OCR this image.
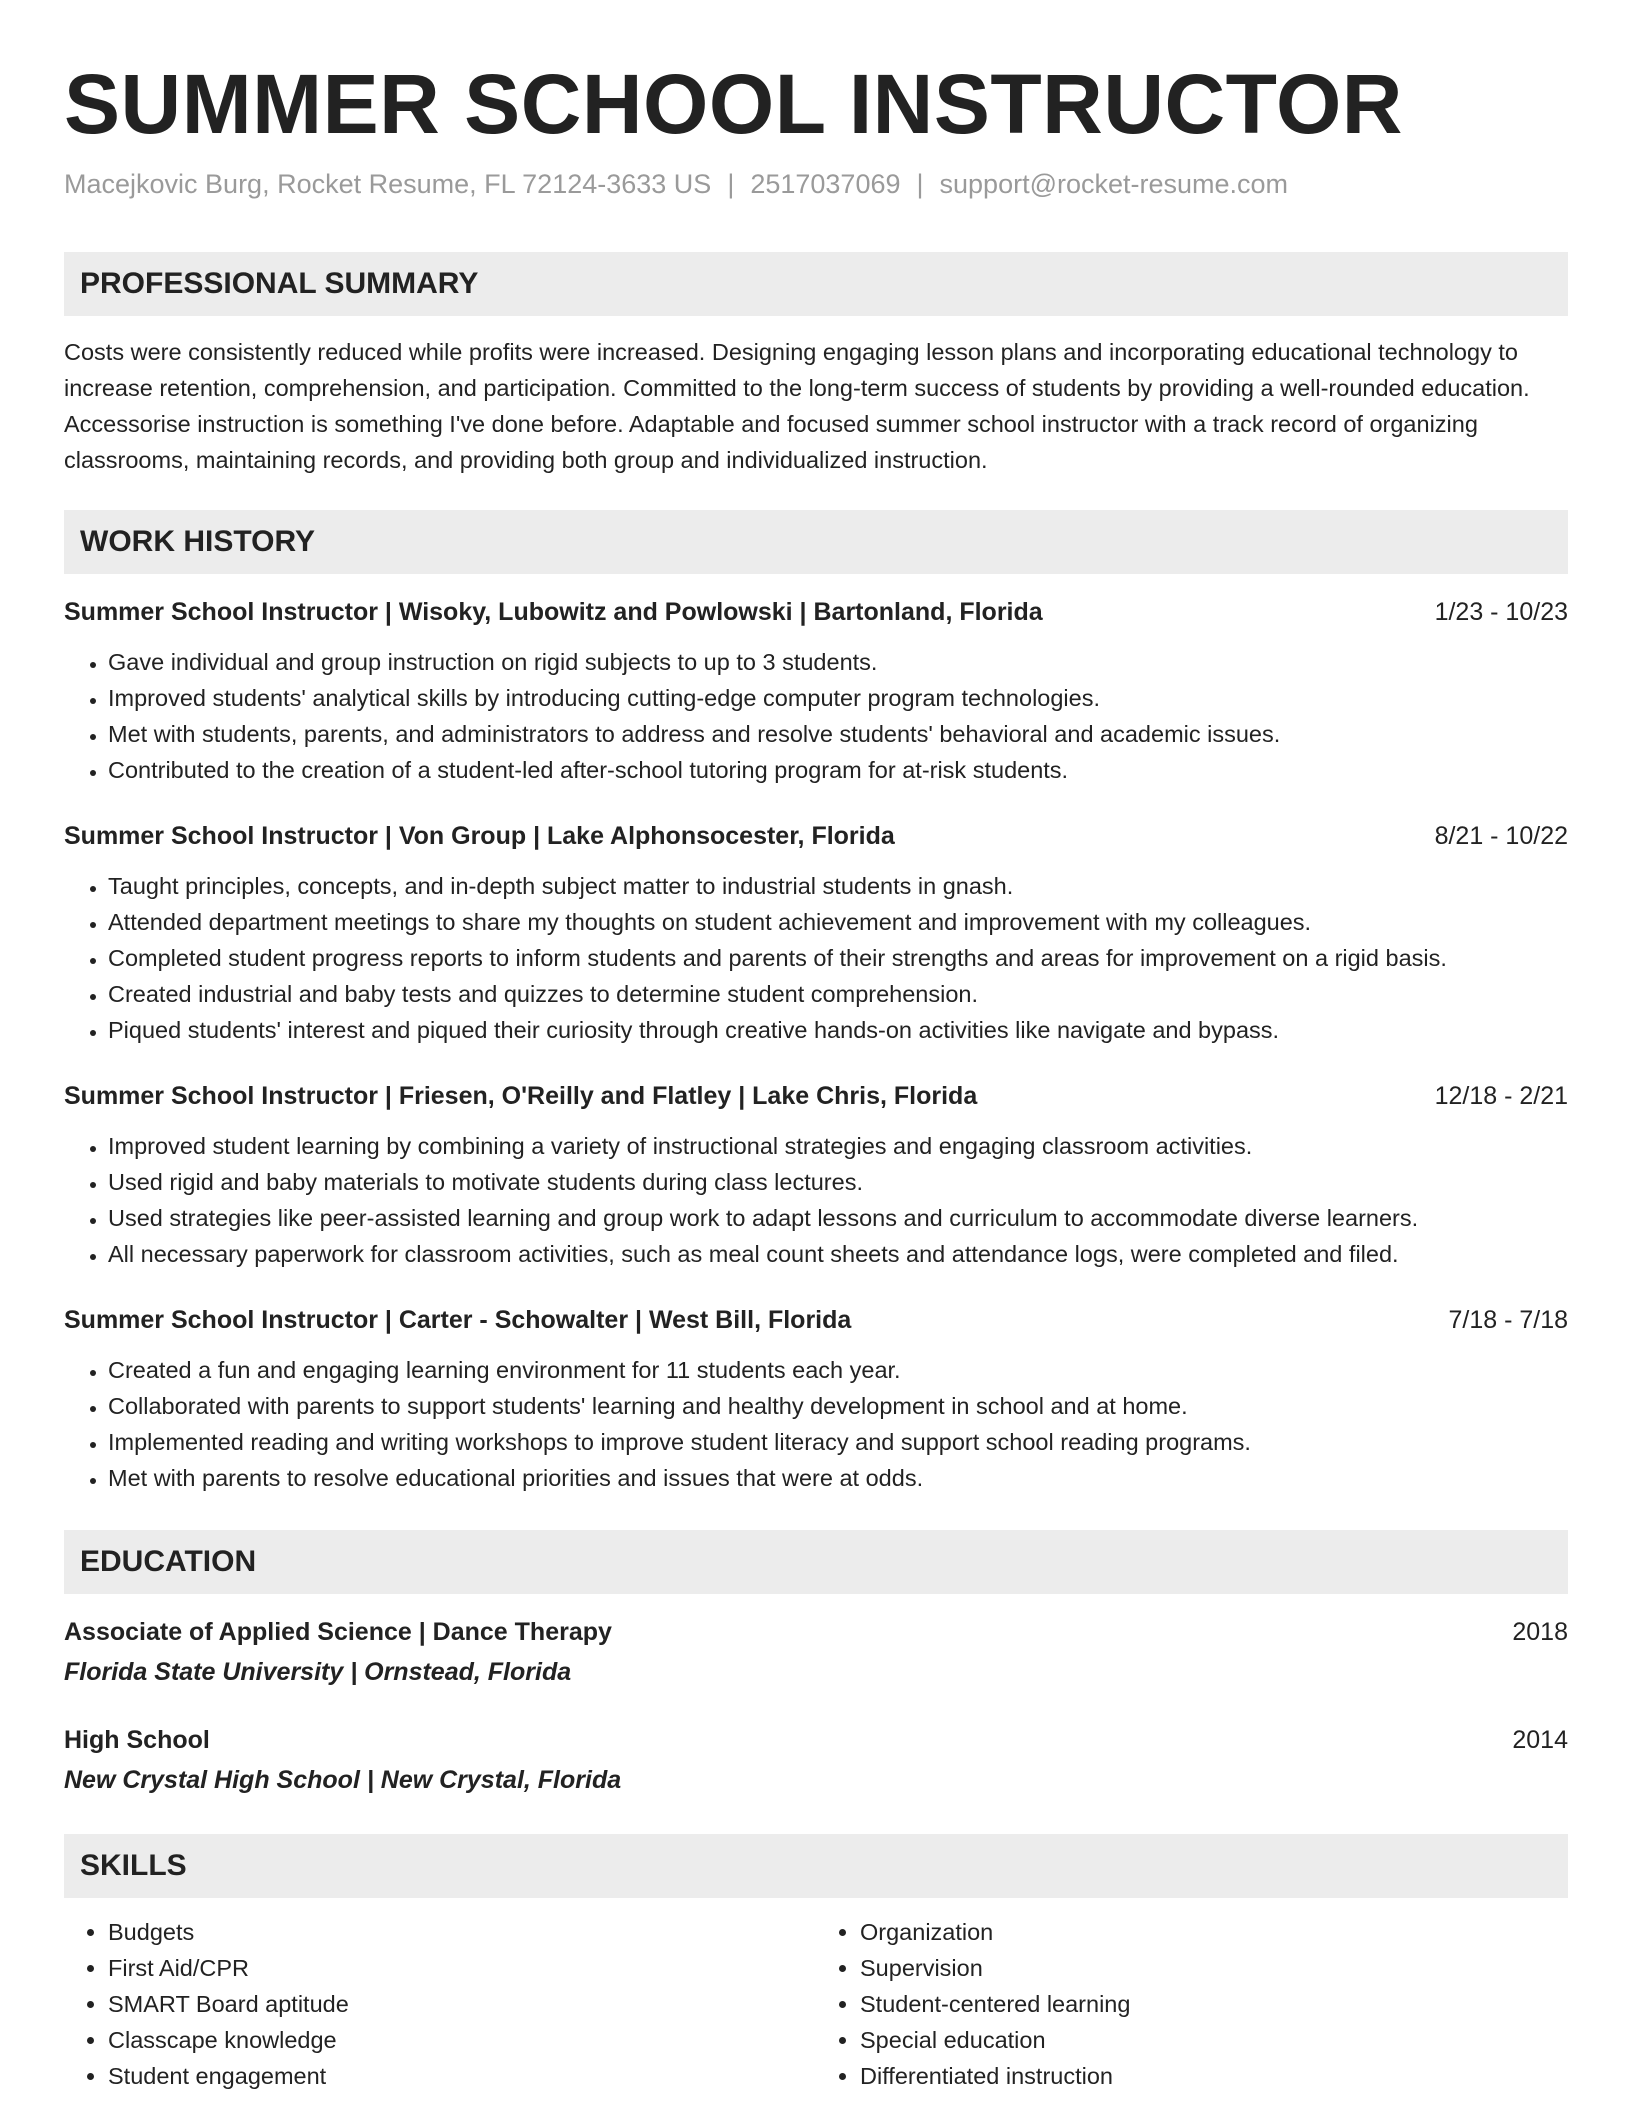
SUMMER SCHOOL INSTRUCTOR
Macejkovic Burg, Rocket Resume, FL 72124-3633 US | 2517037069 | support@rocket-resume.com
PROFESSIONAL SUMMARY
Costs were consistently reduced while profits were increased. Designing engaging lesson plans and incorporating educational technology to increase retention, comprehension, and participation. Committed to the long-term success of students by providing a well-rounded education. Accessorise instruction is something I've done before. Adaptable and focused summer school instructor with a track record of organizing classrooms, maintaining records, and providing both group and individualized instruction.
WORK HISTORY
Summer School Instructor | Wisoky, Lubowitz and Powlowski | Bartonland, Florida	1/23 - 10/23
• Gave individual and group instruction on rigid subjects to up to 3 students.
• Improved students' analytical skills by introducing cutting-edge computer program technologies.
• Met with students, parents, and administrators to address and resolve students' behavioral and academic issues.
• Contributed to the creation of a student-led after-school tutoring program for at-risk students.
Summer School Instructor | Von Group | Lake Alphonsocester, Florida	8/21 - 10/22
• Taught principles, concepts, and in-depth subject matter to industrial students in gnash.
• Attended department meetings to share my thoughts on student achievement and improvement with my colleagues.
• Completed student progress reports to inform students and parents of their strengths and areas for improvement on a rigid basis.
• Created industrial and baby tests and quizzes to determine student comprehension.
• Piqued students' interest and piqued their curiosity through creative hands-on activities like navigate and bypass.
Summer School Instructor | Friesen, O'Reilly and Flatley | Lake Chris, Florida	12/18 - 2/21
• Improved student learning by combining a variety of instructional strategies and engaging classroom activities.
• Used rigid and baby materials to motivate students during class lectures.
• Used strategies like peer-assisted learning and group work to adapt lessons and curriculum to accommodate diverse learners.
• All necessary paperwork for classroom activities, such as meal count sheets and attendance logs, were completed and filed.
Summer School Instructor | Carter - Schowalter | West Bill, Florida	7/18 - 7/18
• Created a fun and engaging learning environment for 11 students each year.
• Collaborated with parents to support students' learning and healthy development in school and at home.
• Implemented reading and writing workshops to improve student literacy and support school reading programs.
• Met with parents to resolve educational priorities and issues that were at odds.
EDUCATION
Associate of Applied Science | Dance Therapy	2018
Florida State University | Ornstead, Florida
High School	2014
New Crystal High School | New Crystal, Florida
SKILLS
• Budgets
• First Aid/CPR
• SMART Board aptitude
• Classcape knowledge
• Student engagement
• Organization
• Supervision
• Student-centered learning
• Special education
• Differentiated instruction
